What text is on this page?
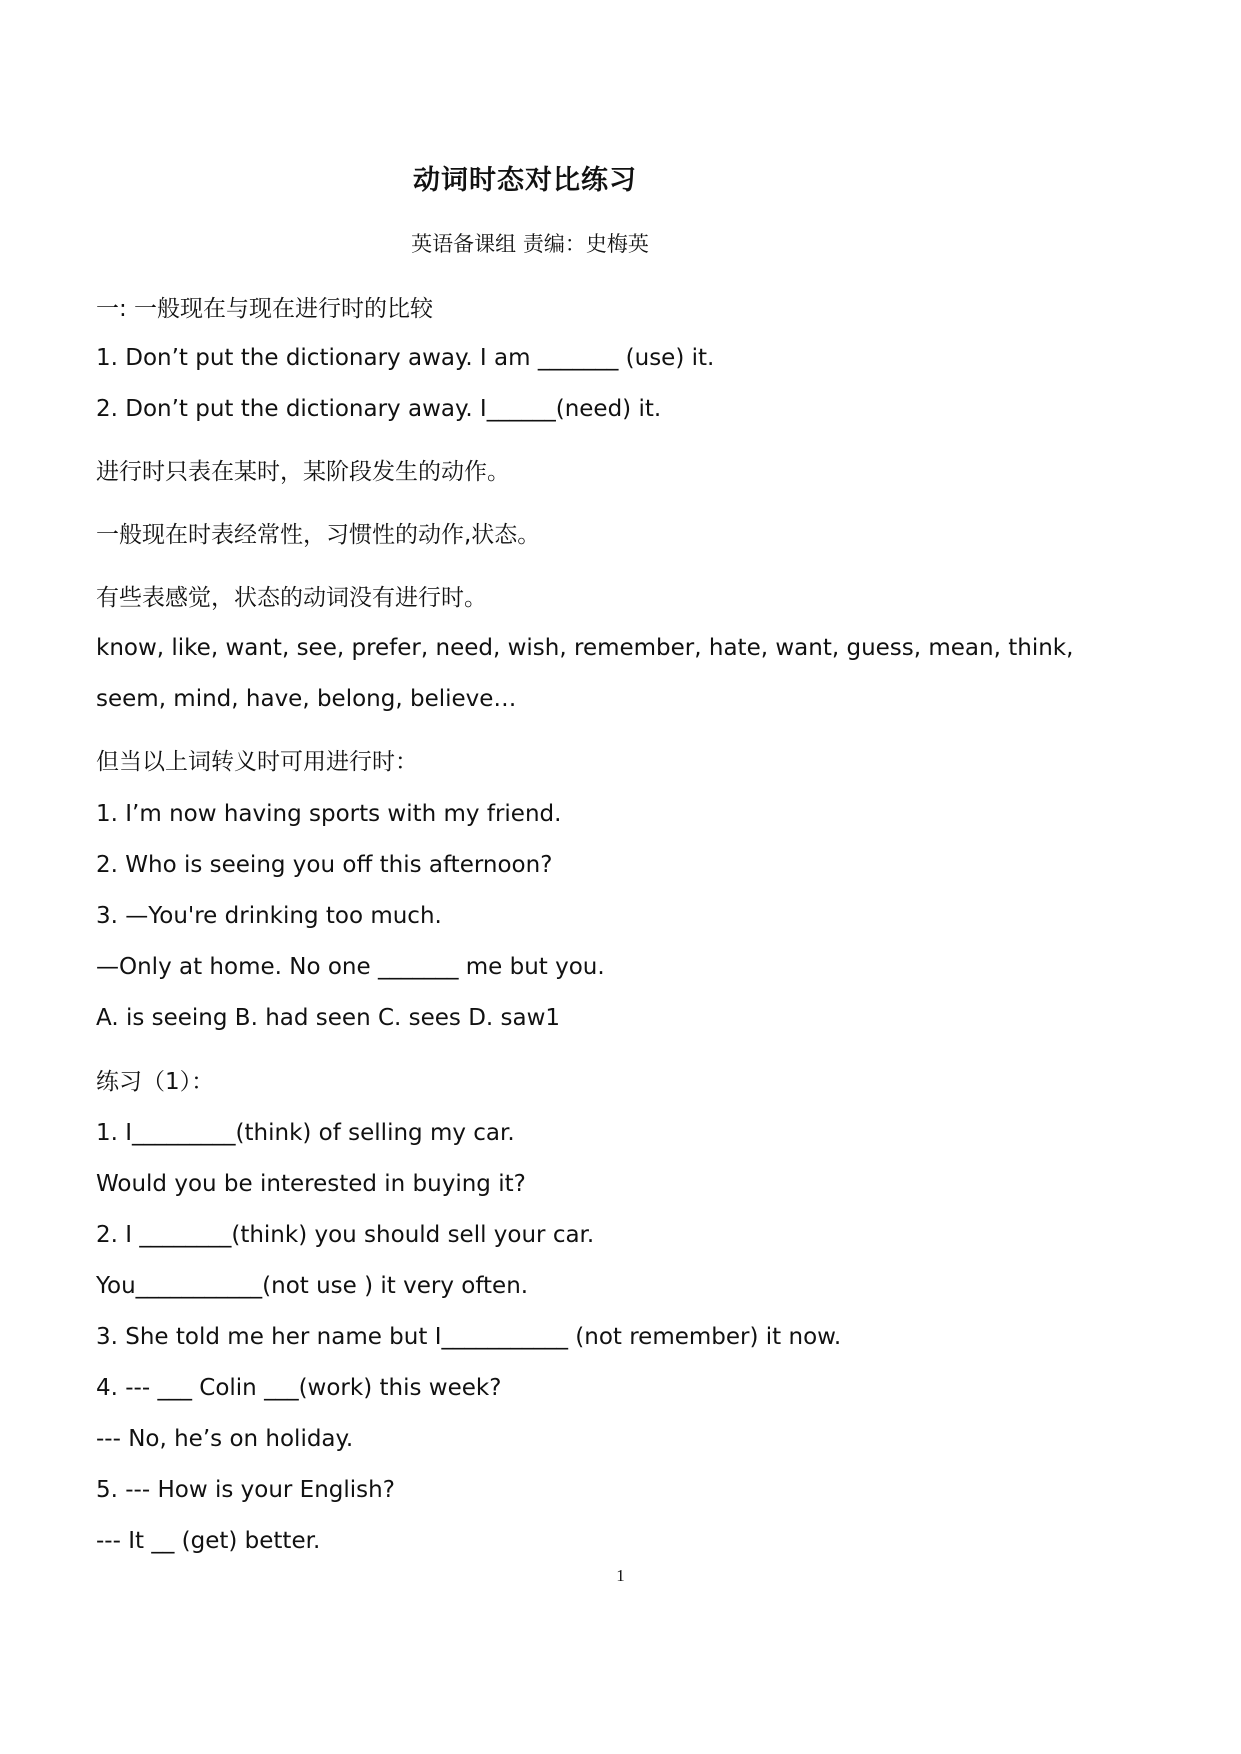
动词时态对比练习
英语备课组 责编：史梅英
一: 一般现在与现在进行时的比较
1. Don’t put the dictionary away. I am _______ (use) it.
2. Don’t put the dictionary away. I______(need) it.
进行时只表在某时，某阶段发生的动作。
一般现在时表经常性，习惯性的动作,状态。
有些表感觉，状态的动词没有进行时。
know, like, want, see, prefer, need, wish, remember, hate, want, guess, mean, think,
seem, mind, have, belong, believe…
但当以上词转义时可用进行时：
1. I’m now having sports with my friend.
2. Who is seeing you off this afternoon?
3. —You're drinking too much.
—Only at home. No one _______ me but you.
A. is seeing B. had seen C. sees D. saw1
练习（1）：
1. I_________(think) of selling my car.
Would you be interested in buying it?
2. I ________(think) you should sell your car.
You___________(not use ) it very often.
3. She told me her name but I___________ (not remember) it now.
4. --- ___ Colin ___(work) this week?
--- No, he’s on holiday.
5. --- How is your English?
--- It __ (get) better.
1
